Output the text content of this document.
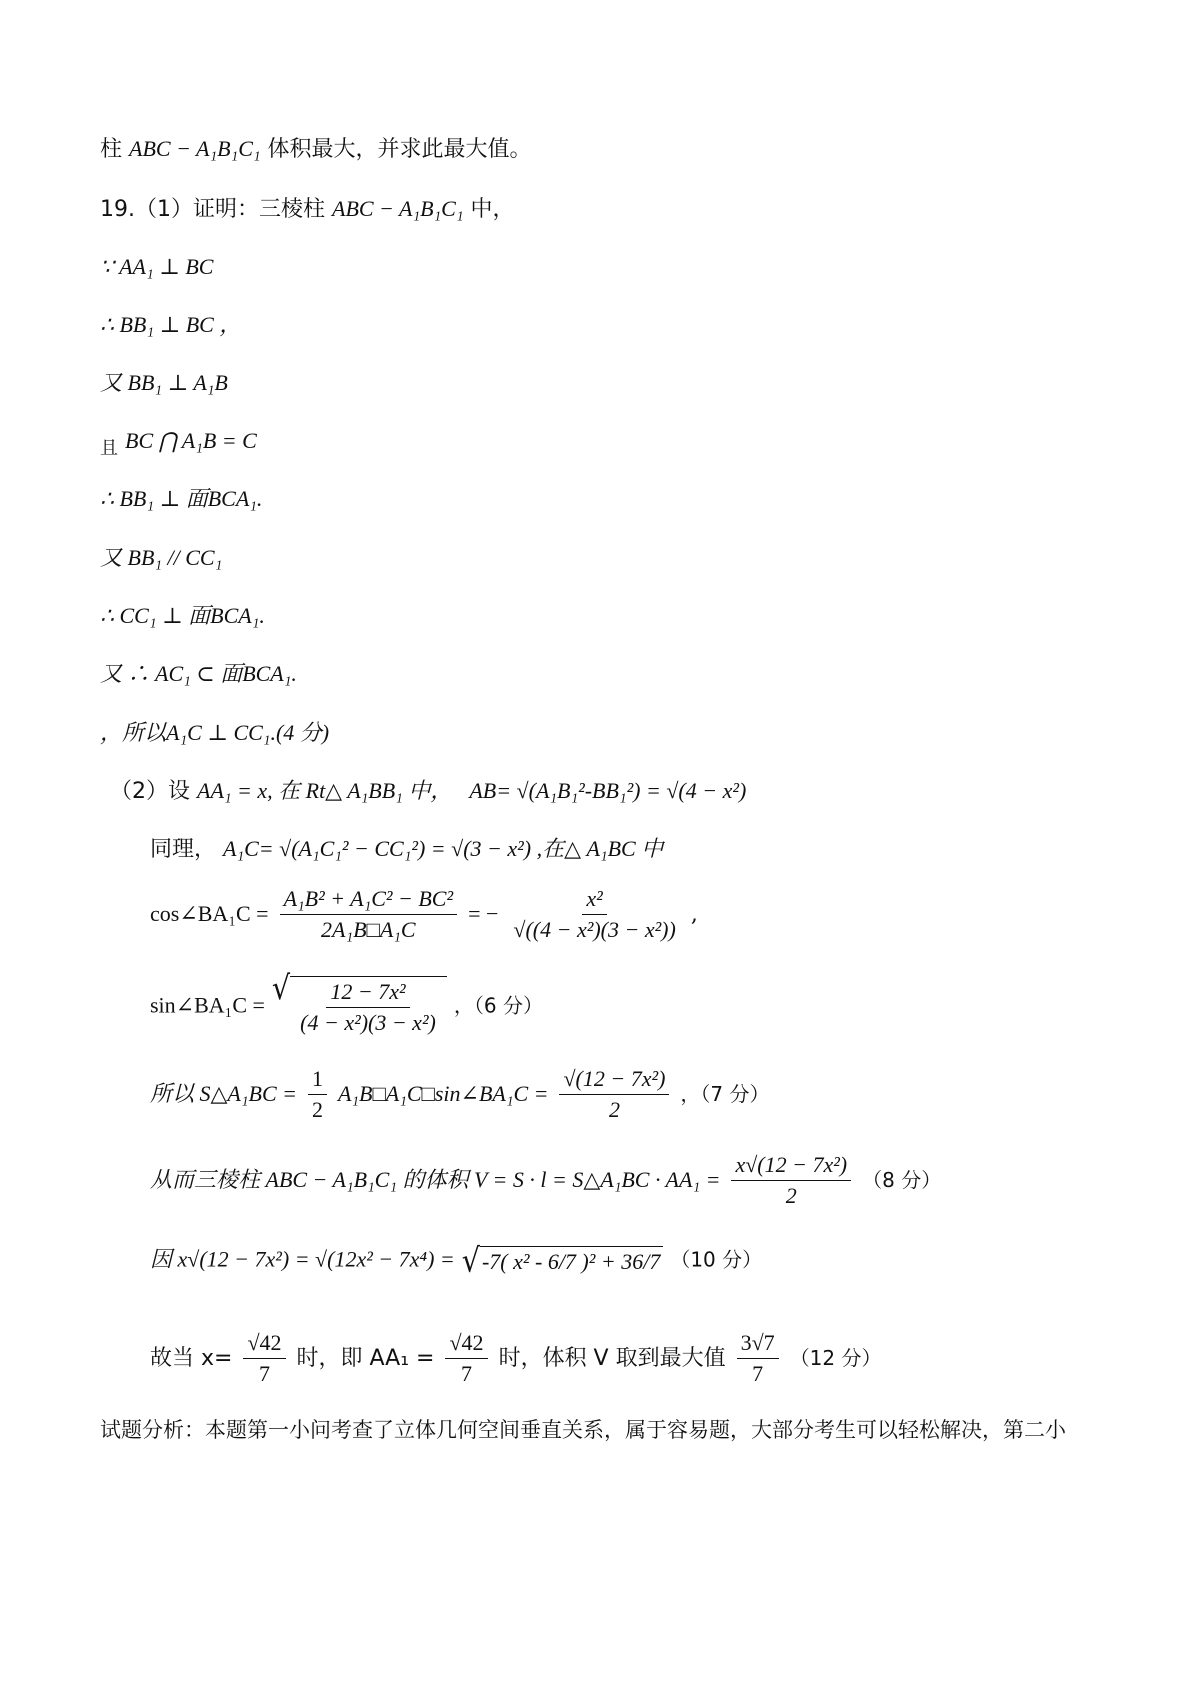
柱 ABC − A₁B₁C₁ 体积最大，并求此最大值。
19.（1）证明：三棱柱 ABC − A₁B₁C₁ 中，
∵ AA₁ ⊥ BC
∴ BB₁ ⊥ BC ，
又 BB₁ ⊥ A₁B
$_且$ BC ⋂ A₁B = C
∴ BB₁ ⊥ 面BCA₁.
又 BB₁ // CC₁
∴ CC₁ ⊥ 面BCA₁.
又 ∴ AC₁ ⊂ 面BCA₁.
，所以A₁C ⊥ CC₁.(4 分)
（2）设 AA₁ = x, 在 Rt△ A₁BB₁ 中， AB= √(A₁B₁²-BB₁²) = √(4 − x²)
同理， A₁C= √(A₁C₁² − CC₁²) = √(3 − x²) ,在△ A₁BC 中
cos∠BA₁C = $\frac{\text{A₁B² + A₁C² − BC²}}{\text{2A₁B□A₁C}}$ = − $\frac{\text{x²}}{\text{√((4 − x²)(3 − x²))}}$ ,
sin∠BA₁C = √ $\frac{\text{12 − 7x²}}{\text{(4 − x²)(3 − x²)}}$ ，（6 分）
所以 S△A₁BC = $\frac{1}{2}$ A₁B□A₁C□sin∠BA₁C = $\frac{\text{√(12 − 7x²)}}{2}$ ，（7 分）
从而三棱柱 ABC − A₁B₁C₁ 的体积 V = S · l = S△A₁BC · $AA_1 = \frac{\text{x√(12 − 7x²)}}{2} (8$ 分）
因 x√(12 − 7x²) = √(12x² − 7x⁴) = √ -7( x² - 6/7 )² + 36/7 （10 分）
故当 $x= \frac{√42}{7}$ 时，即 $AA_1 = \frac{√42}{7}$ 时，体积 V 取到最大值 $\frac{3√7}{7} (12$ 分）
试题分析：本题第一小问考查了立体几何空间垂直关系，属于容易题，大部分考生可以轻松解决，第二小
